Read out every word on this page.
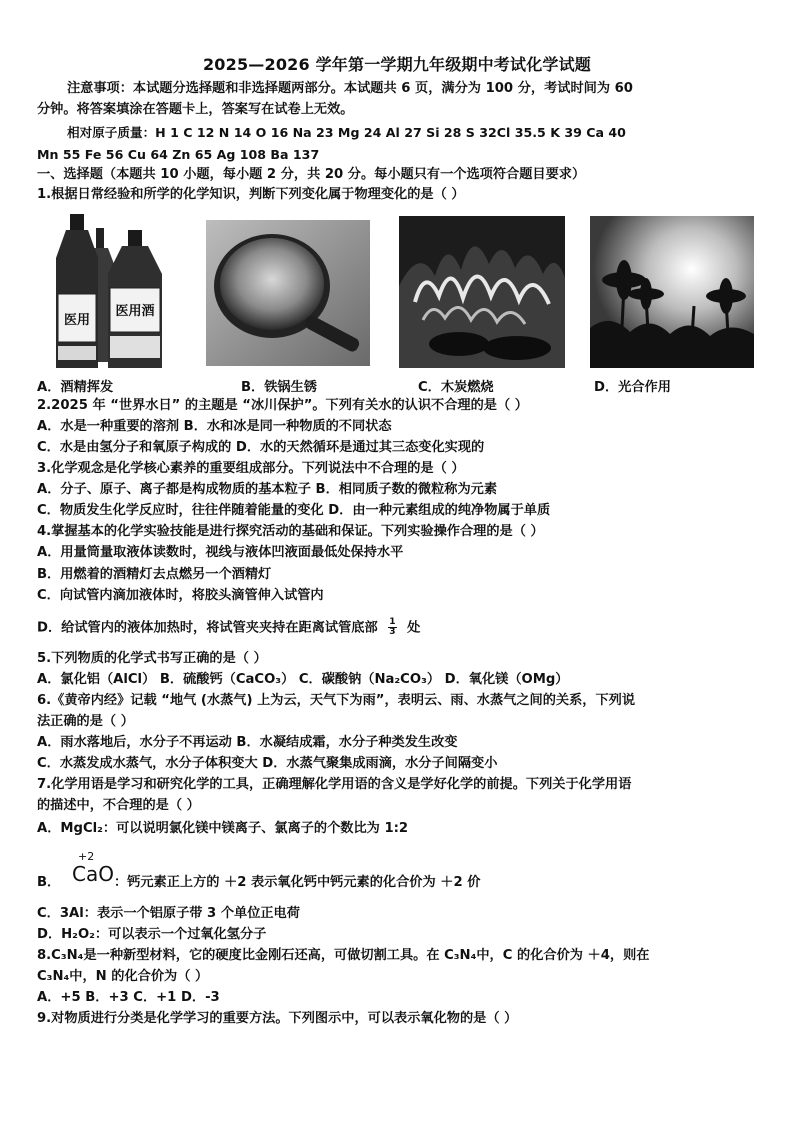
2025—2026 学年第一学期九年级期中考试化学试题
注意事项：本试题分选择题和非选择题两部分。本试题共 6 页，满分为 100 分，考试时间为 60
分钟。将答案填涂在答题卡上，答案写在试卷上无效。
相对原子质量：H 1 C 12 N 14 O 16 Na 23 Mg 24 Al 27 Si 28 S 32Cl 35.5 K 39 Ca 40
Mn 55 Fe 56 Cu 64 Zn 65 Ag 108 Ba 137
一、选择题（本题共 10 小题，每小题 2 分，共 20 分。每小题只有一个选项符合题目要求）
1.根据日常经验和所学的化学知识，判断下列变化属于物理变化的是（ ）
医用
医用酒
A．酒精挥发	B．铁锅生锈	C．木炭燃烧	D．光合作用
2.2025 年 “世界水日” 的主题是 “冰川保护”。下列有关水的认识不合理的是（ ）
A．水是一种重要的溶剂 B．水和冰是同一种物质的不同状态
C．水是由氢分子和氧原子构成的 D．水的天然循环是通过其三态变化实现的
3.化学观念是化学核心素养的重要组成部分。下列说法中不合理的是（ ）
A．分子、原子、离子都是构成物质的基本粒子 B．相同质子数的微粒称为元素
C．物质发生化学反应时，往往伴随着能量的变化 D．由一种元素组成的纯净物属于单质
4.掌握基本的化学实验技能是进行探究活动的基础和保证。下列实验操作合理的是（ ）
A．用量筒量取液体读数时，视线与液体凹液面最低处保持水平
B．用燃着的酒精灯去点燃另一个酒精灯
C．向试管内滴加液体时，将胶头滴管伸入试管内
D．给试管内的液体加热时，将试管夹夹持在距离试管底部 $\frac{1}{3}$ 处
5.下列物质的化学式书写正确的是（ ）
A．氯化铝（AlCl） B．硫酸钙（CaCO₃） C．碳酸钠（Na₂CO₃） D．氧化镁（OMg）
6.《黄帝内经》记载 “地气 (水蒸气) 上为云，天气下为雨”，表明云、雨、水蒸气之间的关系，下列说
法正确的是（ ）
A．雨水落地后，水分子不再运动 B．水凝结成霜，水分子种类发生改变
C．水蒸发成水蒸气，水分子体积变大 D．水蒸气聚集成雨滴，水分子间隔变小
7.化学用语是学习和研究化学的工具，正确理解化学用语的含义是学好化学的前提。下列关于化学用语
的描述中，不合理的是（ ）
A．MgCl₂：可以说明氯化镁中镁离子、氯离子的个数比为 1:2
B．
+2
CaO ：钙元素正上方的 ＋2 表示氧化钙中钙元素的化合价为 ＋2 价
C．3Al：表示一个铝原子带 3 个单位正电荷
D．H₂O₂：可以表示一个过氧化氢分子
8.C₃N₄是一种新型材料，它的硬度比金刚石还高，可做切割工具。在 C₃N₄中，C 的化合价为 ＋4，则在
C₃N₄中，N 的化合价为（ ）
A．+5 B．+3 C．+1 D．-3
9.对物质进行分类是化学学习的重要方法。下列图示中，可以表示氧化物的是（ ）
